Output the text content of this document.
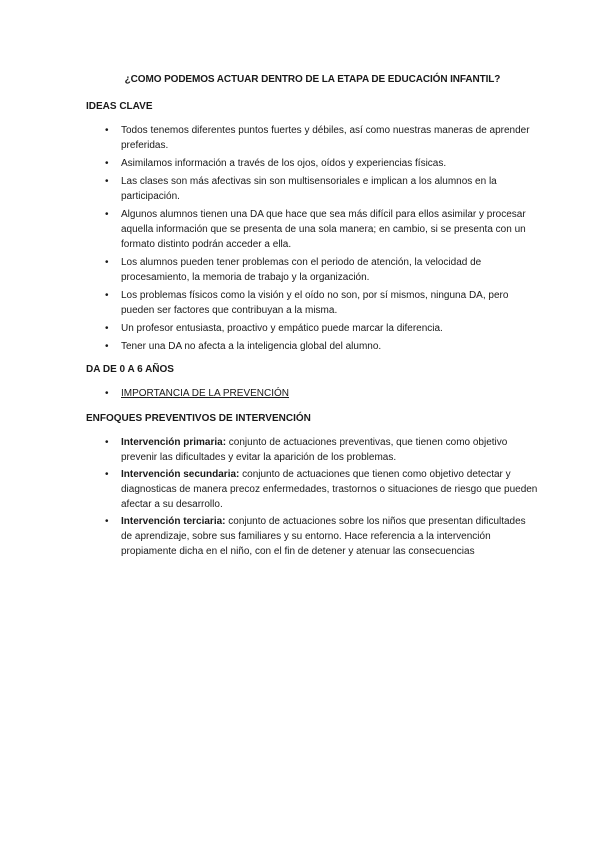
¿COMO PODEMOS ACTUAR DENTRO DE LA ETAPA DE EDUCACIÓN INFANTIL?
IDEAS CLAVE
• Todos tenemos diferentes puntos fuertes y débiles, así como nuestras maneras de aprender preferidas.
• Asimilamos información a través de los ojos, oídos y experiencias físicas.
• Las clases son más afectivas sin son multisensoriales e implican a los alumnos en la participación.
• Algunos alumnos tienen una DA que hace que sea más difícil para ellos asimilar y procesar aquella información que se presenta de una sola manera; en cambio, si se presenta con un formato distinto podrán acceder a ella.
• Los alumnos pueden tener problemas con el periodo de atención, la velocidad de procesamiento, la memoria de trabajo y la organización.
• Los problemas físicos como la visión y el oído no son, por sí mismos, ninguna DA, pero pueden ser factores que contribuyan a la misma.
• Un profesor entusiasta, proactivo y empático puede marcar la diferencia.
• Tener una DA no afecta a la inteligencia global del alumno.
DA DE 0 A 6 AÑOS
• IMPORTANCIA DE LA PREVENCIÓN
ENFOQUES PREVENTIVOS DE INTERVENCIÓN
• Intervención primaria: conjunto de actuaciones preventivas, que tienen como objetivo prevenir las dificultades y evitar la aparición de los problemas.
• Intervención secundaria: conjunto de actuaciones que tienen como objetivo detectar y diagnosticas de manera precoz enfermedades, trastornos o situaciones de riesgo que pueden afectar a su desarrollo.
• Intervención terciaria: conjunto de actuaciones sobre los niños que presentan dificultades de aprendizaje, sobre sus familiares y su entorno. Hace referencia a la intervención propiamente dicha en el niño, con el fin de detener y atenuar las consecuencias
